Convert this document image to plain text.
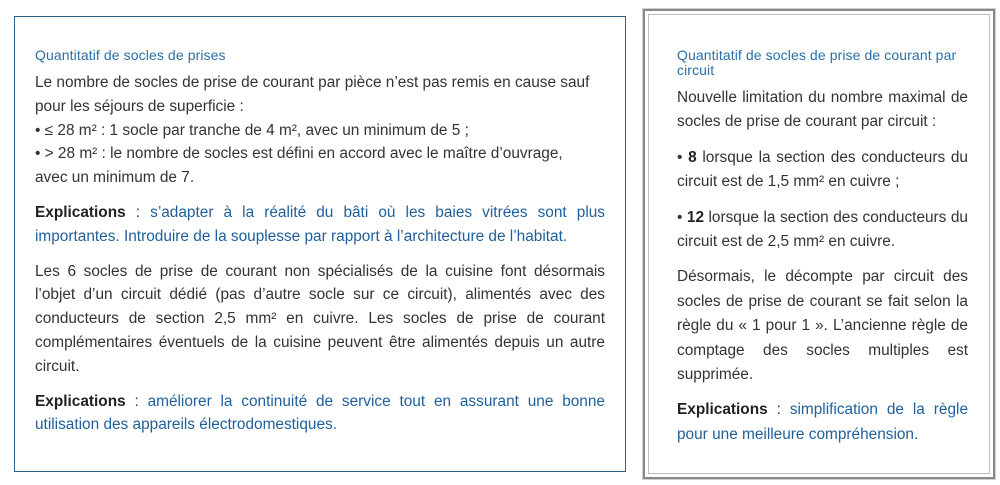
Quantitatif de socles de prises
Le nombre de socles de prise de courant par pièce n’est pas remis en cause sauf
pour les séjours de superficie :
• ≤ 28 m² : 1 socle par tranche de 4 m², avec un minimum de 5 ;
• > 28 m² : le nombre de socles est défini en accord avec le maître d’ouvrage,
avec un minimum de 7.
Explications : s’adapter à la réalité du bâti où les baies vitrées sont plus importantes. Introduire de la souplesse par rapport à l’architecture de l’habitat.
Les 6 socles de prise de courant non spécialisés de la cuisine font désormais l’objet d’un circuit dédié (pas d’autre socle sur ce circuit), alimentés avec des conducteurs de section 2,5 mm² en cuivre. Les socles de prise de courant complémentaires éventuels de la cuisine peuvent être alimentés depuis un autre circuit.
Explications : améliorer la continuité de service tout en assurant une bonne utilisation des appareils électrodomestiques.
Quantitatif de socles de prise de courant par circuit
Nouvelle limitation du nombre maximal de socles de prise de courant par circuit :
• 8 lorsque la section des conducteurs du circuit est de 1,5 mm² en cuivre ;
• 12 lorsque la section des conducteurs du circuit est de 2,5 mm² en cuivre.
Désormais, le décompte par circuit des socles de prise de courant se fait selon la règle du « 1 pour 1 ». L’ancienne règle de comptage des socles multiples est supprimée.
Explications : simplification de la règle pour une meilleure compréhension.
